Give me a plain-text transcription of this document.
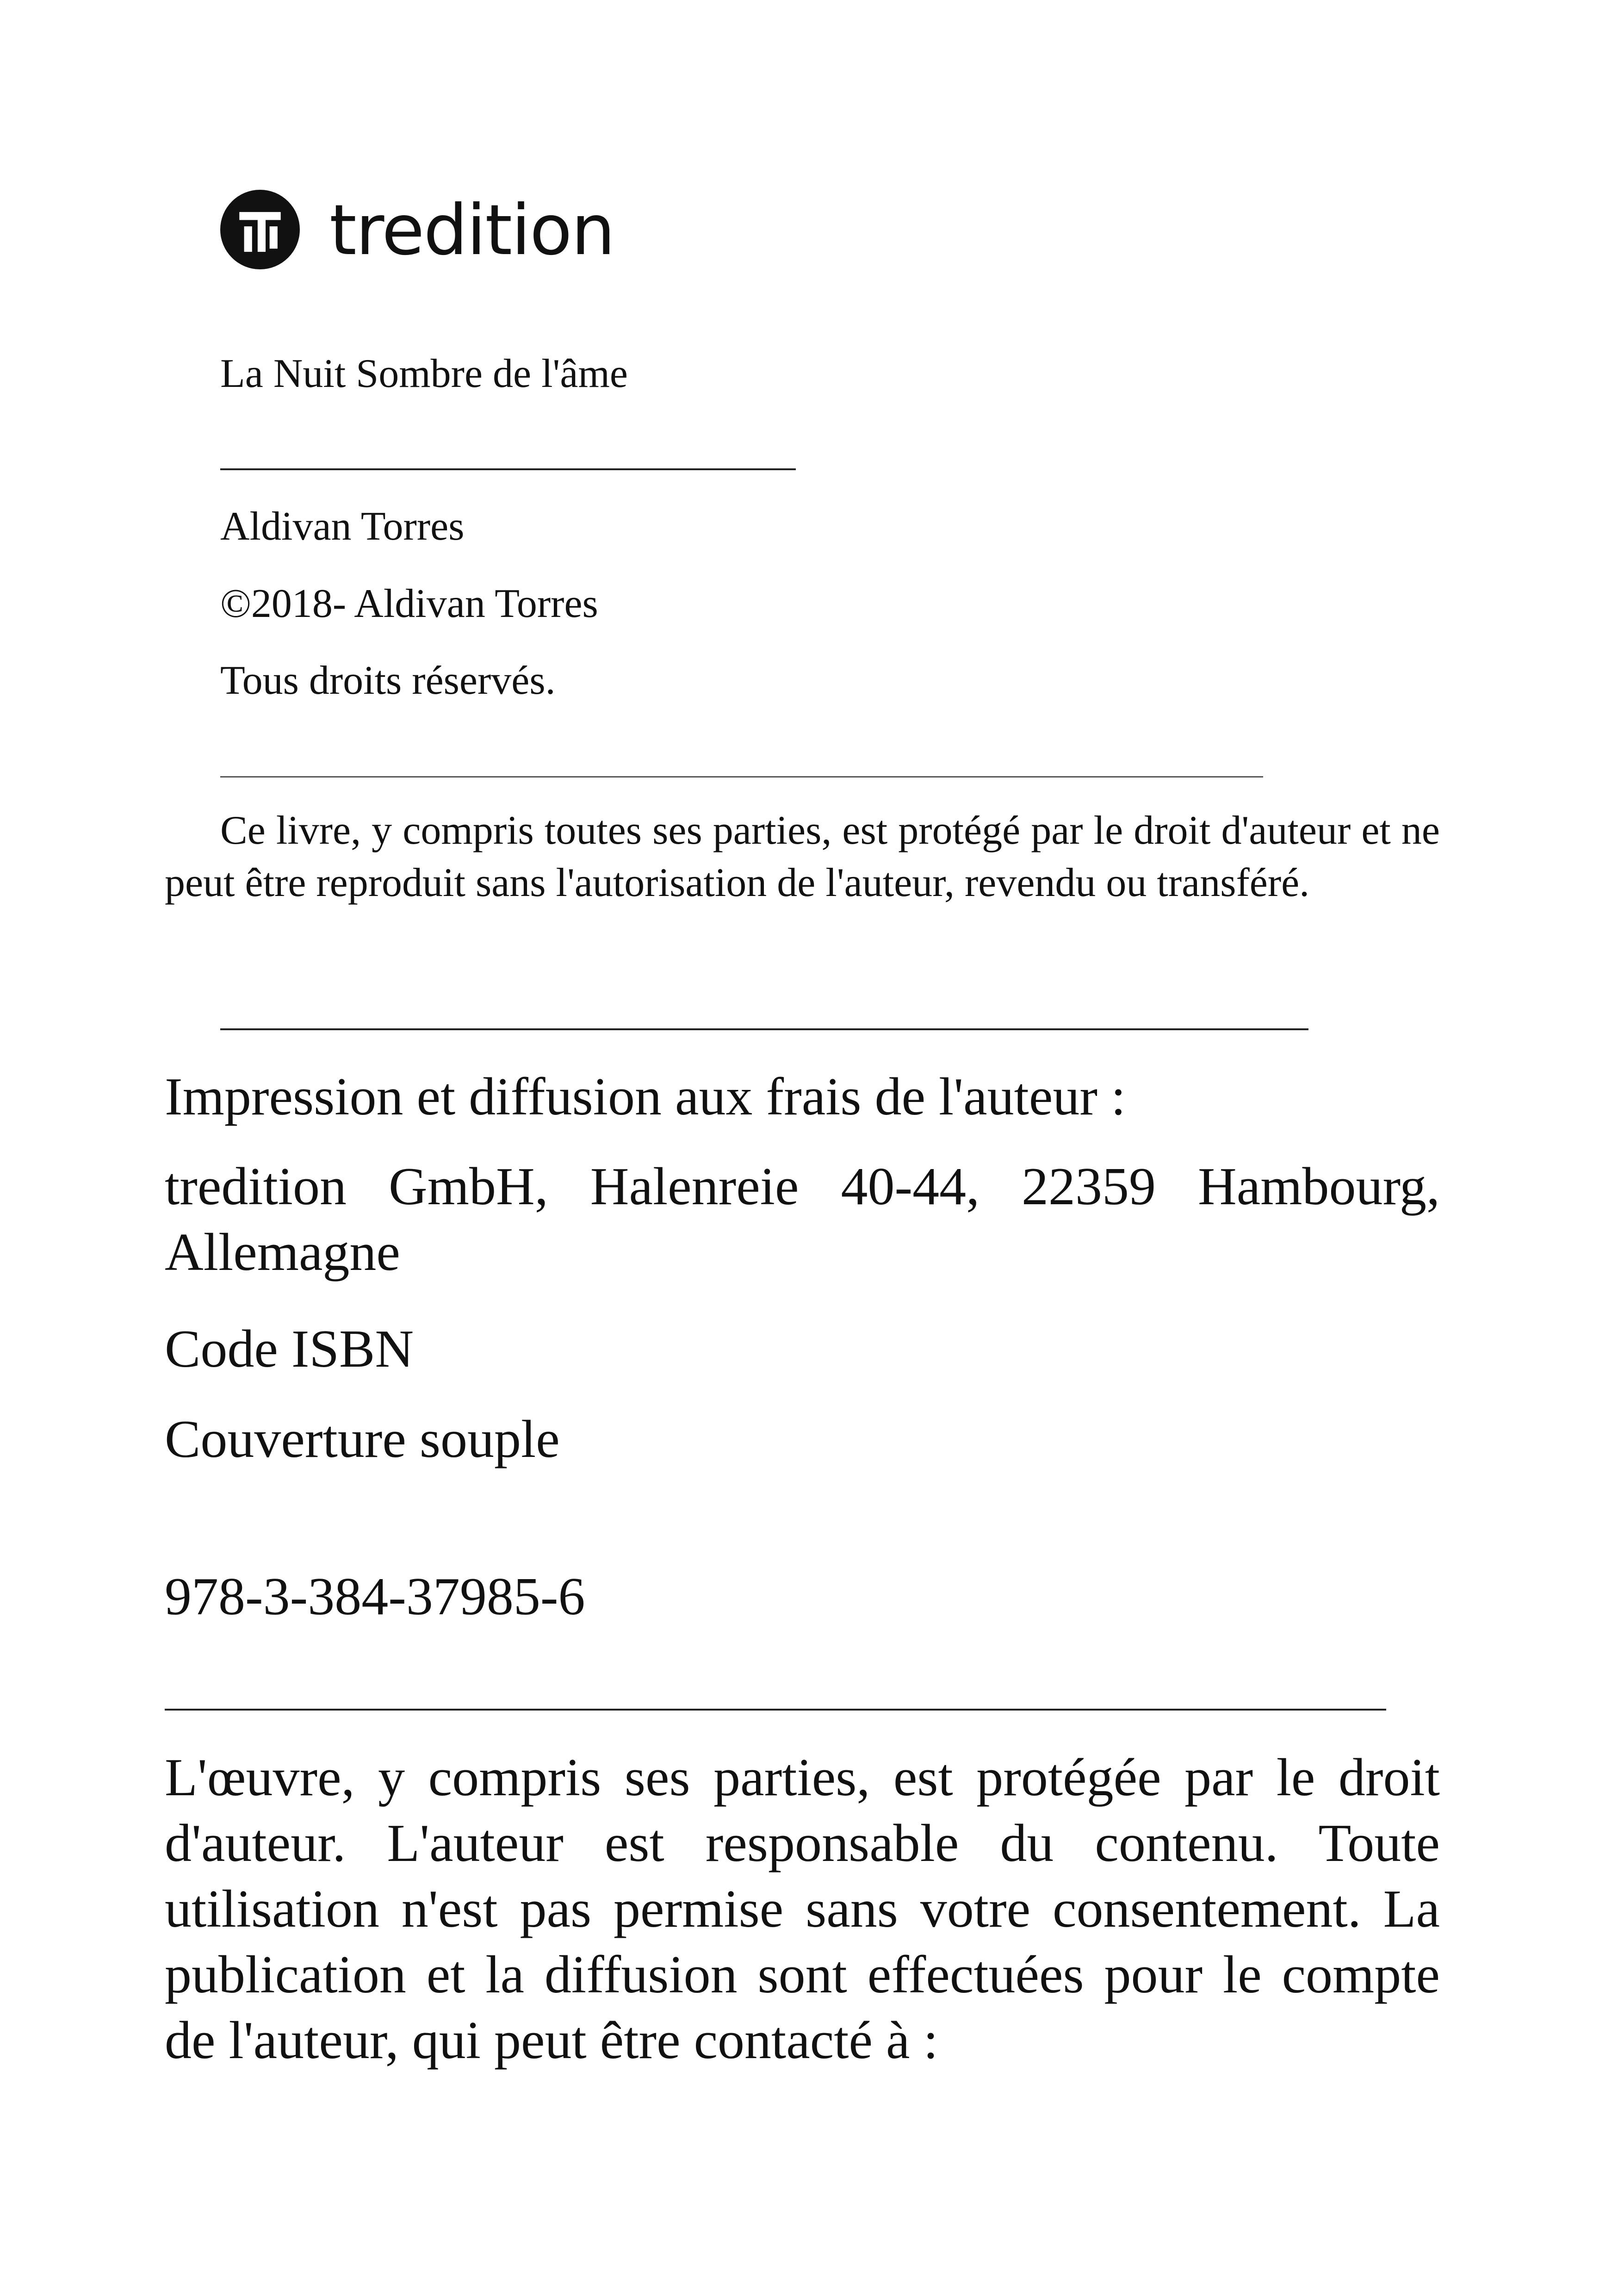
tredition
La Nuit Sombre de l'âme
Aldivan Torres
©2018- Aldivan Torres
Tous droits réservés.
Ce livre, y compris toutes ses parties, est protégé par le droit d'auteur et ne peut être reproduit sans l'autorisation de l'auteur, revendu ou transféré.
Impression et diffusion aux frais de l'auteur :
tredition GmbH, Halenreie 40-44, 22359 Hambourg, Allemagne
Code ISBN
Couverture souple
978-3-384-37985-6
L'œuvre, y compris ses parties, est protégée par le droit d'auteur. L'auteur est responsable du contenu. Toute utilisation n'est pas permise sans votre consentement. La publication et la diffusion sont effectuées pour le compte de l'auteur, qui peut être contacté à :
